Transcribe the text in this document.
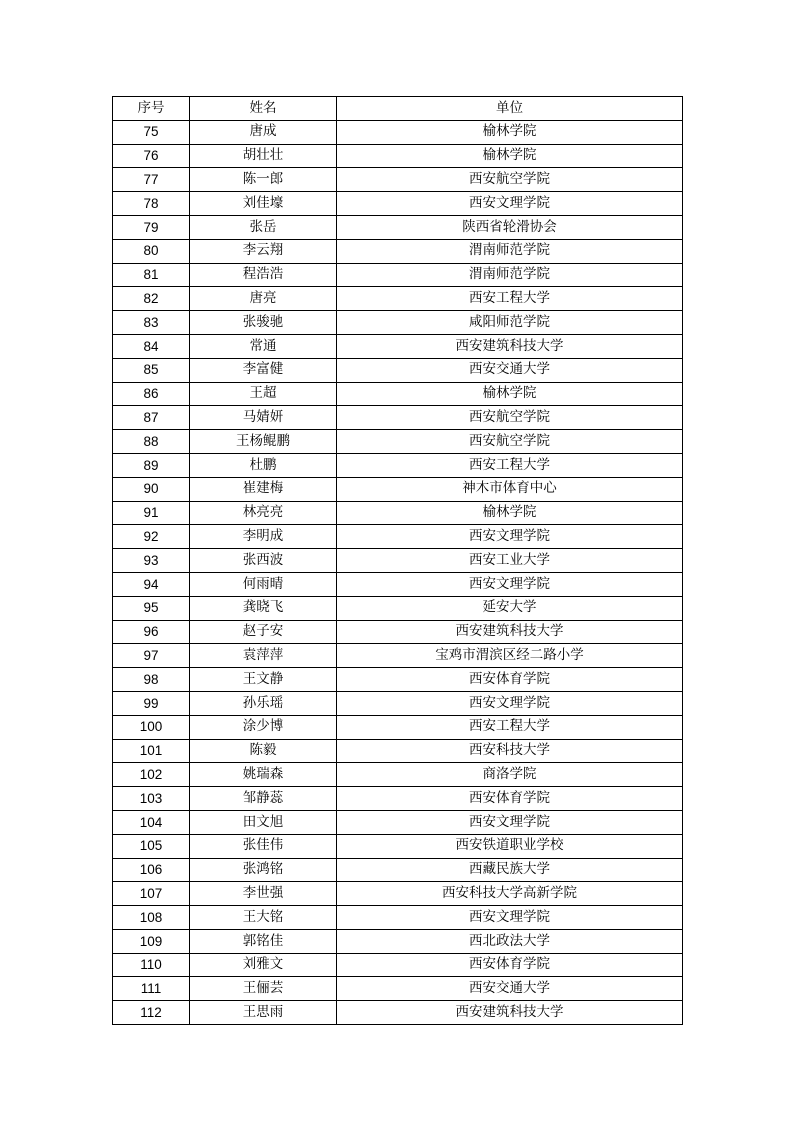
序号	姓名	单位
75	唐成	榆林学院
76	胡壮壮	榆林学院
77	陈一郎	西安航空学院
78	刘佳壕	西安文理学院
79	张岳	陕西省轮滑协会
80	李云翔	渭南师范学院
81	程浩浩	渭南师范学院
82	唐亮	西安工程大学
83	张骏驰	咸阳师范学院
84	常通	西安建筑科技大学
85	李富健	西安交通大学
86	王超	榆林学院
87	马婧妍	西安航空学院
88	王杨鲲鹏	西安航空学院
89	杜鹏	西安工程大学
90	崔建梅	神木市体育中心
91	林亮亮	榆林学院
92	李明成	西安文理学院
93	张西波	西安工业大学
94	何雨晴	西安文理学院
95	龚晓飞	延安大学
96	赵子安	西安建筑科技大学
97	袁萍萍	宝鸡市渭滨区经二路小学
98	王文静	西安体育学院
99	孙乐瑶	西安文理学院
100	涂少博	西安工程大学
101	陈毅	西安科技大学
102	姚瑞森	商洛学院
103	邹静蕊	西安体育学院
104	田文旭	西安文理学院
105	张佳伟	西安铁道职业学校
106	张鸿铭	西藏民族大学
107	李世强	西安科技大学高新学院
108	王大铭	西安文理学院
109	郭铭佳	西北政法大学
110	刘雅文	西安体育学院
111	王俪芸	西安交通大学
112	王思雨	西安建筑科技大学
